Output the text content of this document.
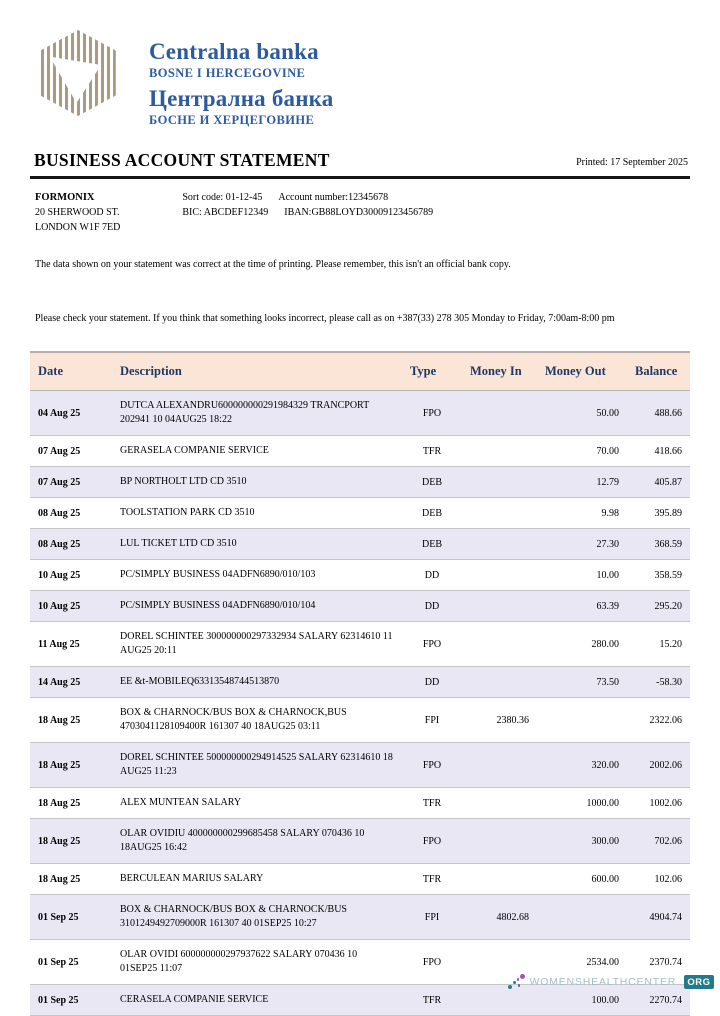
Centralna banka
BOSNE I HERCEGOVINE
Централна банка
БОСНЕ И ХЕРЦЕГОВИНЕ
BUSINESS ACCOUNT STATEMENT	Printed: 17 September 2025
FORMONIX
20 SHERWOOD ST.
LONDON W1F 7ED
Sort code: 01-12-45 Account number:12345678
BIC: ABCDEF12349 IBAN:GB88LOYD30009123456789

The data shown on your statement was correct at the time of printing. Please remember, this isn't an official bank copy.

Please check your statement. If you think that something looks incorrect, please call as on +387(33) 278 305 Monday to Friday, 7:00am-8:00 pm

Date	Description	Type	Money In	Money Out	Balance
04 Aug 25	DUTCA ALEXANDRU600000000291984329 TRANCPORT 202941 10 04AUG25 18:22	FPO		50.00	488.66
07 Aug 25	GERASELA COMPANIE SERVICE	TFR		70.00	418.66
07 Aug 25	BP NORTHOLT LTD CD 3510	DEB		12.79	405.87
08 Aug 25	TOOLSTATION PARK CD 3510	DEB		9.98	395.89
08 Aug 25	LUL TICKET LTD CD 3510	DEB		27.30	368.59
10 Aug 25	PC/SIMPLY BUSINESS 04ADFN6890/010/103	DD		10.00	358.59
10 Aug 25	PC/SIMPLY BUSINESS 04ADFN6890/010/104	DD		63.39	295.20
11 Aug 25	DOREL SCHINTEE 300000000297332934 SALARY 62314610 11 AUG25 20:11	FPO		280.00	15.20
14 Aug 25	EE &t-MOBILEQ63313548744513870	DD		73.50	-58.30
18 Aug 25	BOX & CHARNOCK/BUS BOX & CHARNOCK,BUS 4703041128109400R 161307 40 18AUG25 03:11	FPI	2380.36		2322.06
18 Aug 25	DOREL SCHINTEE 500000000294914525 SALARY 62314610 18 AUG25 11:23	FPO		320.00	2002.06
18 Aug 25	ALEX MUNTEAN SALARY	TFR		1000.00	1002.06
18 Aug 25	OLAR OVIDIU 400000000299685458 SALARY 070436 10 18AUG25 16:42	FPO		300.00	702.06
18 Aug 25	BERCULEAN MARIUS SALARY	TFR		600.00	102.06
01 Sep 25	BOX & CHARNOCK/BUS BOX & CHARNOCK/BUS 3101249492709000R 161307 40 01SEP25 10:27	FPI	4802.68		4904.74
01 Sep 25	OLAR OVIDI 600000000297937622 SALARY 070436 10 01SEP25 11:07	FPO		2534.00	2370.74
01 Sep 25	CERASELA COMPANIE SERVICE	TFR		100.00	2270.74
WOMENSHEALTHCENTER. ORG
